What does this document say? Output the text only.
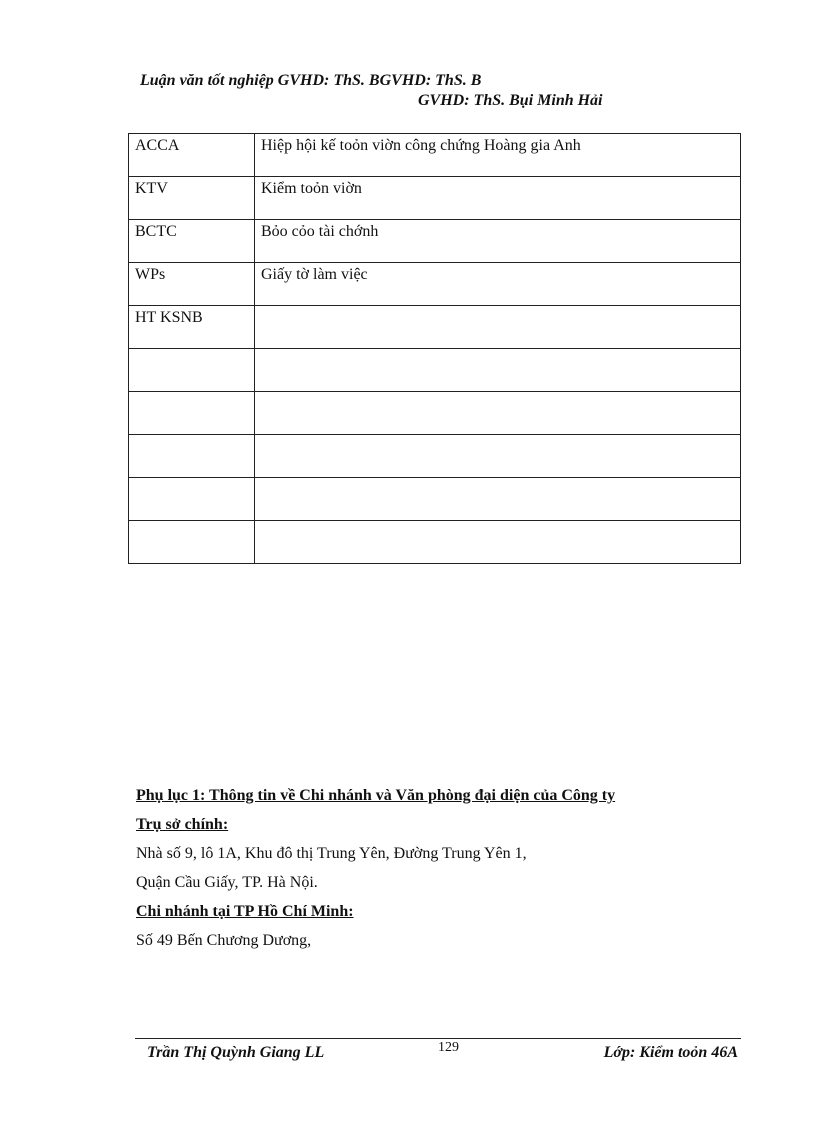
Luận văn tốt nghiệp GVHD: ThS. BGVHD: ThS. B
GVHD: ThS. Bụi Minh Hải
ACCA	Hiệp hội kế toỏn viờn công chứng Hoàng gia Anh
KTV	Kiểm toỏn viờn
BCTC	Bỏo cỏo tài chớnh
WPs	Giấy tờ làm việc
HT KSNB	

Phụ lục 1: Thông tin về Chi nhánh và Văn phòng đại diện của Công ty
Trụ sở chính:
Nhà số 9, lô 1A, Khu đô thị Trung Yên, Đường Trung Yên 1,
Quận Cầu Giấy, TP. Hà Nội.
Chi nhánh tại TP Hồ Chí Minh:
Số 49 Bến Chương Dương,
Trần Thị Quỳnh Giang LL	129	Lớp: Kiểm toỏn 46A
